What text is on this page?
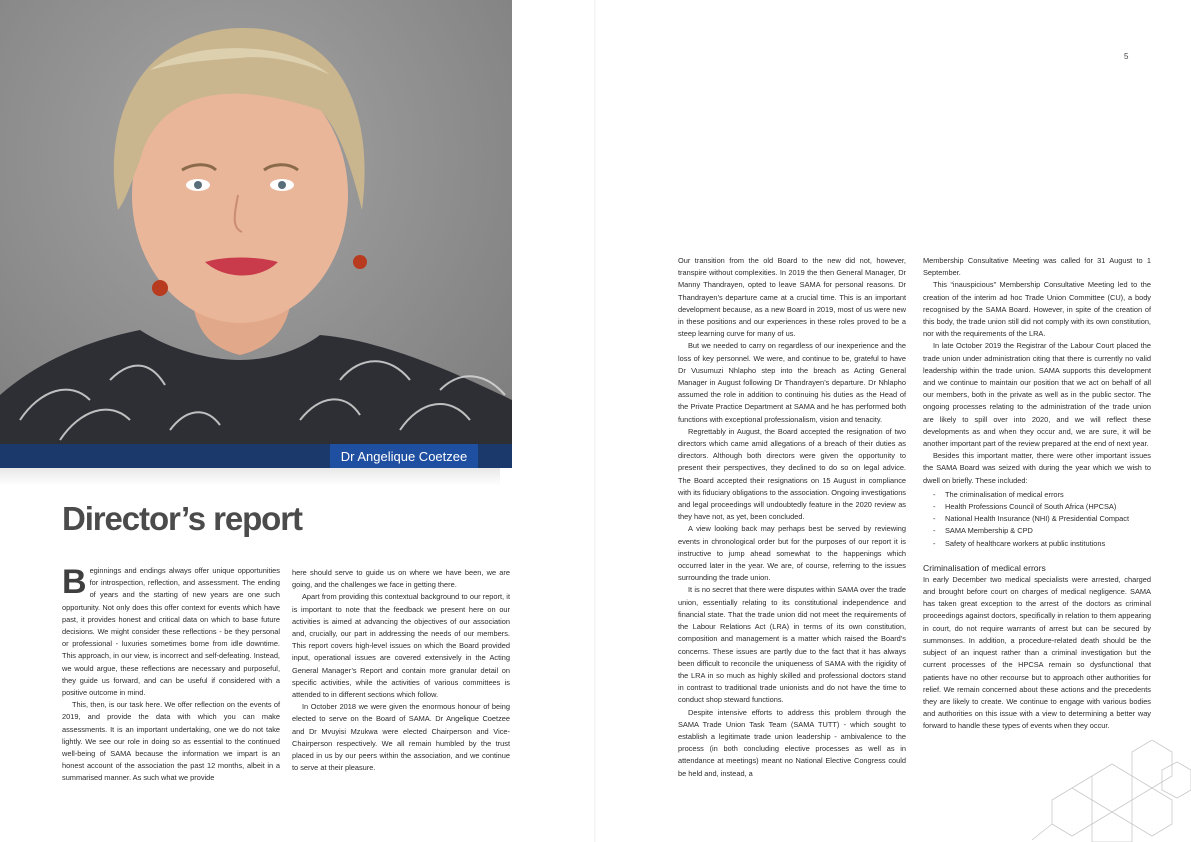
Dr Angelique Coetzee
Director’s report

Beginnings and endings always offer unique opportunities for introspection, reflection, and assessment. The ending of years and the starting of new years are one such opportunity. Not only does this offer context for events which have past, it provides honest and critical data on which to base future decisions. We might consider these reflections - be they personal or professional - luxuries sometimes borne from idle downtime. This approach, in our view, is incorrect and self-defeating. Instead, we would argue, these reflections are necessary and purposeful, they guide us forward, and can be useful if considered with a positive outcome in mind.

This, then, is our task here. We offer reflection on the events of 2019, and provide the data with which you can make assessments. It is an important undertaking, one we do not take lightly. We see our role in doing so as essential to the continued well-being of SAMA because the information we impart is an honest account of the association the past 12 months, albeit in a summarised manner. As such what we provide

here should serve to guide us on where we have been, we are going, and the challenges we face in getting there.

Apart from providing this contextual background to our report, it is important to note that the feedback we present here on our activities is aimed at advancing the objectives of our association and, crucially, our part in addressing the needs of our members. This report covers high-level issues on which the Board provided input, operational issues are covered extensively in the Acting General Manager’s Report and contain more granular detail on specific activities, while the activities of various committees is attended to in different sections which follow.

In October 2018 we were given the enormous honour of being elected to serve on the Board of SAMA. Dr Angelique Coetzee and Dr Mvuyisi Mzukwa were elected Chairperson and Vice-Chairperson respectively. We all remain humbled by the trust placed in us by our peers within the association, and we continue to serve at their pleasure.

5

Our transition from the old Board to the new did not, however, transpire without complexities. In 2019 the then General Manager, Dr Manny Thandrayen, opted to leave SAMA for personal reasons. Dr Thandrayen’s departure came at a crucial time. This is an important development because, as a new Board in 2019, most of us were new in these positions and our experiences in these roles proved to be a steep learning curve for many of us.

But we needed to carry on regardless of our inexperience and the loss of key personnel. We were, and continue to be, grateful to have Dr Vusumuzi Nhlapho step into the breach as Acting General Manager in August following Dr Thandrayen’s departure. Dr Nhlapho assumed the role in addition to continuing his duties as the Head of the Private Practice Department at SAMA and he has performed both functions with exceptional professionalism, vision and tenacity.

Regrettably in August, the Board accepted the resignation of two directors which came amid allegations of a breach of their duties as directors. Although both directors were given the opportunity to present their perspectives, they declined to do so on legal advice. The Board accepted their resignations on 15 August in compliance with its fiduciary obligations to the association. Ongoing investigations and legal proceedings will undoubtedly feature in the 2020 review as they have not, as yet, been concluded.

A view looking back may perhaps best be served by reviewing events in chronological order but for the purposes of our report it is instructive to jump ahead somewhat to the happenings which occurred later in the year. We are, of course, referring to the issues surrounding the trade union.

It is no secret that there were disputes within SAMA over the trade union, essentially relating to its constitutional independence and financial state. That the trade union did not meet the requirements of the Labour Relations Act (LRA) in terms of its own constitution, composition and management is a matter which raised the Board’s concerns. These issues are partly due to the fact that it has always been difficult to reconcile the uniqueness of SAMA with the rigidity of the LRA in so much as highly skilled and professional doctors stand in contrast to traditional trade unionists and do not have the time to conduct shop steward functions.

Despite intensive efforts to address this problem through the SAMA Trade Union Task Team (SAMA TUTT) - which sought to establish a legitimate trade union leadership - ambivalence to the process (in both concluding elective processes as well as in attendance at meetings) meant no National Elective Congress could be held and, instead, a

Membership Consultative Meeting was called for 31 August to 1 September.

This “inauspicious” Membership Consultative Meeting led to the creation of the interim ad hoc Trade Union Committee (CU), a body recognised by the SAMA Board. However, in spite of the creation of this body, the trade union still did not comply with its own constitution, nor with the requirements of the LRA.

In late October 2019 the Registrar of the Labour Court placed the trade union under administration citing that there is currently no valid leadership within the trade union. SAMA supports this development and we continue to maintain our position that we act on behalf of all our members, both in the private as well as in the public sector. The ongoing processes relating to the administration of the trade union are likely to spill over into 2020, and we will reflect these developments as and when they occur and, we are sure, it will be another important part of the review prepared at the end of next year.

Besides this important matter, there were other important issues the SAMA Board was seized with during the year which we wish to dwell on briefly. These included:

- The criminalisation of medical errors
- Health Professions Council of South Africa (HPCSA)
- National Health Insurance (NHI) & Presidential Compact
- SAMA Membership & CPD
- Safety of healthcare workers at public institutions
Criminalisation of medical errors

In early December two medical specialists were arrested, charged and brought before court on charges of medical negligence. SAMA has taken great exception to the arrest of the doctors as criminal proceedings against doctors, specifically in relation to them appearing in court, do not require warrants of arrest but can be secured by summonses. In addition, a procedure-related death should be the subject of an inquest rather than a criminal investigation but the current processes of the HPCSA remain so dysfunctional that patients have no other recourse but to approach other authorities for relief. We remain concerned about these actions and the precedents they are likely to create. We continue to engage with various bodies and authorities on this issue with a view to determining a better way forward to handle these types of events when they occur.
